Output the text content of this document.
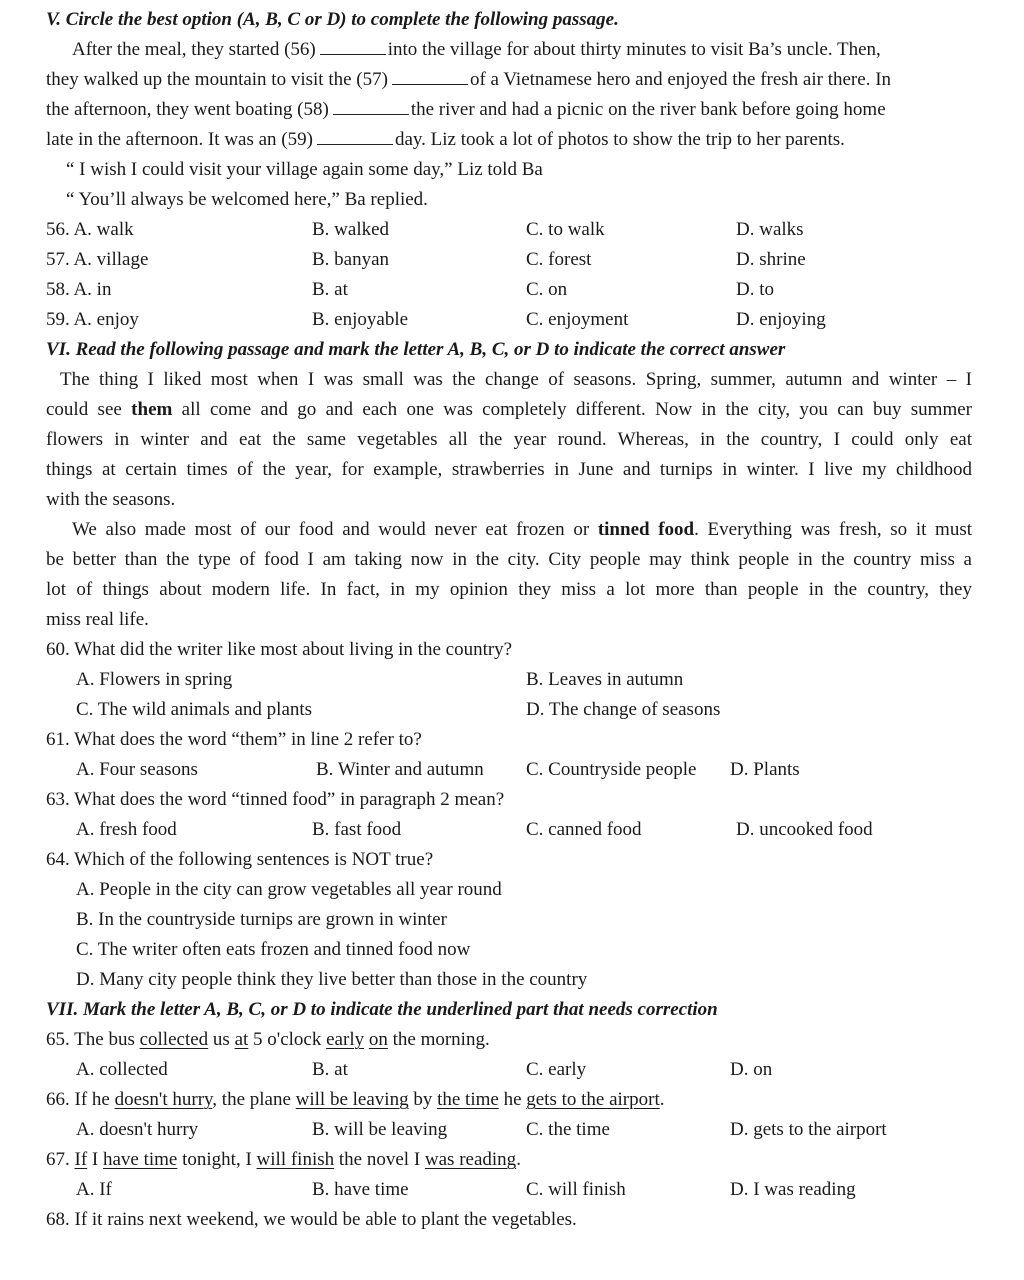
V. Circle the best option (A, B, C or D) to complete the following passage.
After the meal, they started (56)	into the village for about thirty minutes to visit Ba’s uncle. Then,
they walked up the mountain to visit the (57)	of a Vietnamese hero and enjoyed the fresh air there. In
the afternoon, they went boating (58)	the river and had a picnic on the river bank before going home
late in the afternoon. It was an (59)	day. Liz took a lot of photos to show the trip to her parents.
“ I wish I could visit your village again some day,” Liz told Ba
“ You’ll always be welcomed here,” Ba replied.
56. A. walk	B. walked	C. to walk	D. walks
57. A. village	B. banyan	C. forest	D. shrine
58. A. in	B. at	C. on	D. to
59. A. enjoy	B. enjoyable	C. enjoyment	D. enjoying
VI. Read the following passage and mark the letter A, B, C, or D to indicate the correct answer
The thing I liked most when I was small was the change of seasons. Spring, summer, autumn and winter – I
could see them all come and go and each one was completely different. Now in the city, you can buy summer
flowers in winter and eat the same vegetables all the year round. Whereas, in the country, I could only eat
things at certain times of the year, for example, strawberries in June and turnips in winter. I live my childhood
with the seasons.
We also made most of our food and would never eat frozen or tinned food. Everything was fresh, so it must
be better than the type of food I am taking now in the city. City people may think people in the country miss a
lot of things about modern life. In fact, in my opinion they miss a lot more than people in the country, they
miss real life.
60. What did the writer like most about living in the country?
A. Flowers in spring	B. Leaves in autumn
C. The wild animals and plants	D. The change of seasons
61. What does the word “them” in line 2 refer to?
A. Four seasons	B. Winter and autumn C. Countryside people D. Plants
63. What does the word “tinned food” in paragraph 2 mean?
A. fresh food	B. fast food	C. canned food	D. uncooked food
64. Which of the following sentences is NOT true?
A. People in the city can grow vegetables all year round
B. In the countryside turnips are grown in winter
C. The writer often eats frozen and tinned food now
D. Many city people think they live better than those in the country
VII. Mark the letter A, B, C, or D to indicate the underlined part that needs correction
65. The bus collected us at 5 o'clock early on the morning.
A. collected	B. at	C. early	D. on
66. If he doesn't hurry, the plane will be leaving by the time he gets to the airport.
A. doesn't hurry	B. will be leaving	C. the time	D. gets to the airport
67. If I have time tonight, I will finish the novel I was reading.
A. If	B. have time	C. will finish	D. I was reading
68. If it rains next weekend, we would be able to plant the vegetables.
